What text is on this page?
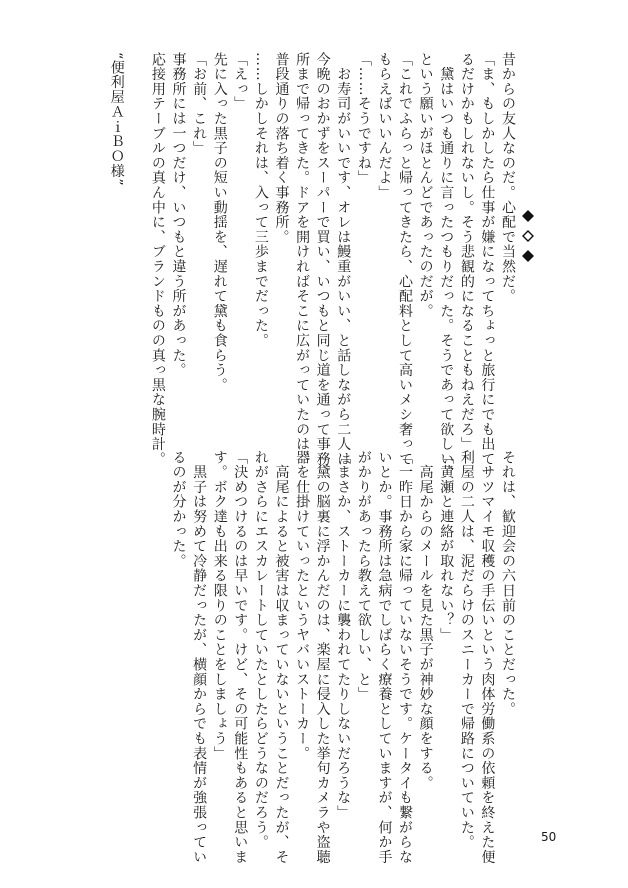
昔からの友人なのだ。心配で当然だ。
「ま、もしかしたら仕事が嫌になってちょっと旅行にでも出て
るだけかもしれないし。そう悲観的になることもねえだろ」
　黛はいつも通りに言ったつもりだった。そうであって欲しい、
という願いがほとんどであったのだが。
「これでふらっと帰ってきたら、心配料として高いメシ奢って
もらえばいいんだよ」
「……そうですね」
　お寿司がいいです、オレは鰻重がいい、と話しながら二人は
今晩のおかずをスーパーで買い、いつもと同じ道を通って事務
所まで帰ってきた。ドアを開ければそこに広がっていたのは、
普段通りの落ち着く事務所。
……しかしそれは、入って三歩までだった。
「えっ」
先に入った黒子の短い動揺を、遅れて黛も食らう。
「お前、これ」
事務所には一つだけ、いつもと違う所があった。
応接用テーブルの真ん中に、ブランドものの真っ黒な腕時計。

“便利屋ＡｉＢＯ様”
それは、歓迎会の六日前のことだった。
　サツマイモ収穫の手伝いという肉体労働系の依頼を終えた便
利屋の二人は、泥だらけのスニーカーで帰路についていた。
「黄瀬と連絡が取れない？」
　高尾からのメールを見た黒子が神妙な顔をする。
「一昨日から家に帰っていないそうです。ケータイも繋がらな
いとか。事務所は急病でしばらく療養としていますが、何か手
がかりがあったら教えて欲しい、と」
「まさか、ストーカーに襲われてたりしないだろうな」
　黛の脳裏に浮かんだのは、楽屋に侵入した挙句カメラや盗聴
器を仕掛けていったというヤバいストーカー。
　高尾によると被害は収まっていないということだったが、そ
れがさらにエスカレートしていたとしたらどうなのだろう。
「決めつけるのは早いです。けど、その可能性もあると思いま
す。ボク達も出来る限りのことをしましょう」
　黒子は努めて冷静だったが、横顔からでも表情が強張ってい
るのが分かった。
50
